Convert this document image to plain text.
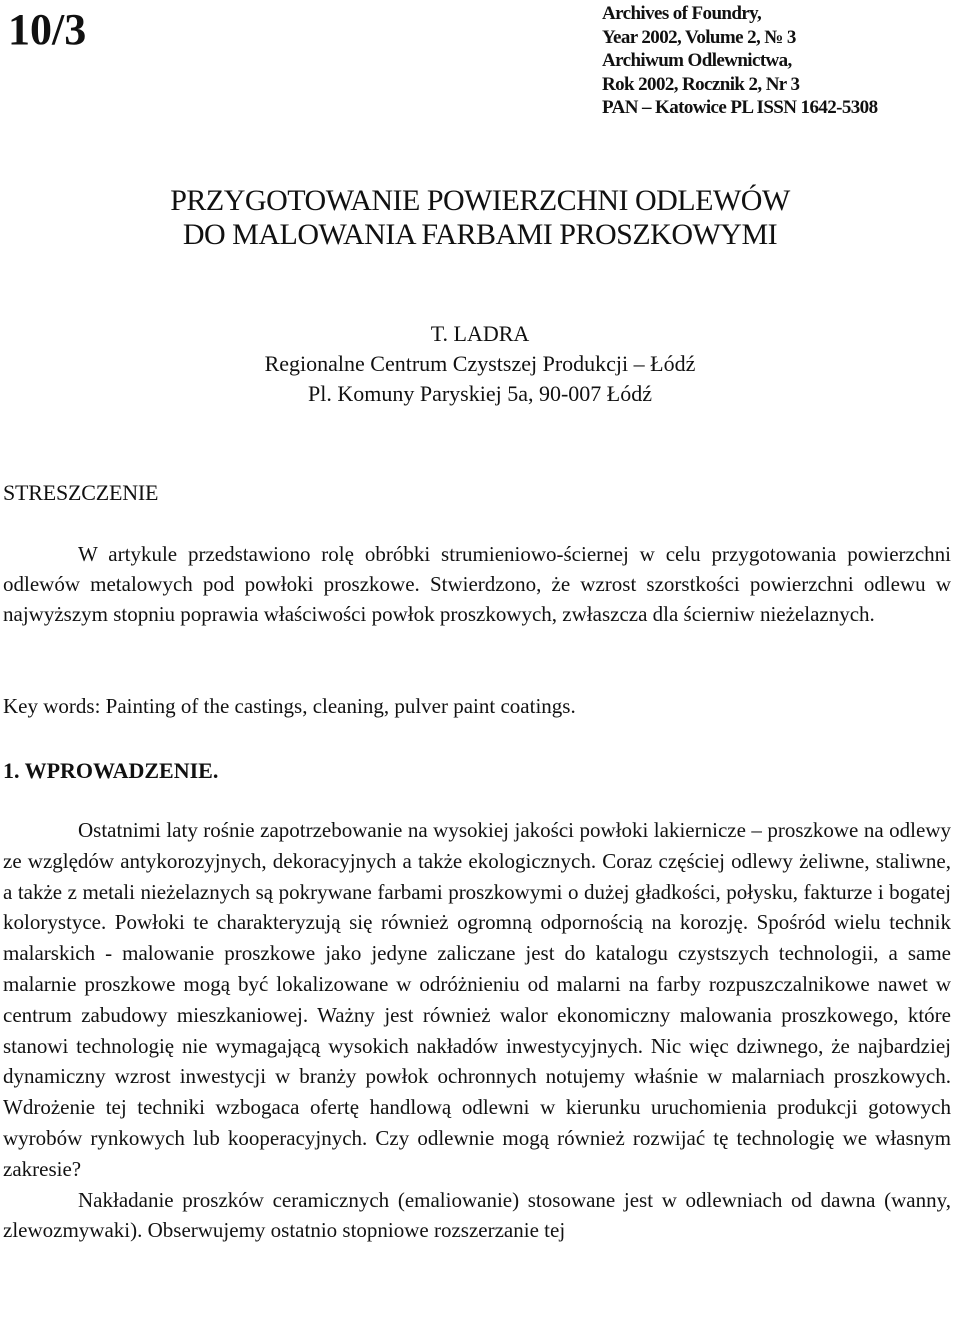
10/3	Archives of Foundry,
Year 2002, Volume 2, № 3
Archiwum Odlewnictwa,
Rok 2002, Rocznik 2, Nr 3
PAN – Katowice PL ISSN 1642-5308
PRZYGOTOWANIE POWIERZCHNI ODLEWÓW
DO MALOWANIA FARBAMI PROSZKOWYMI
T. LADRA
Regionalne Centrum Czystszej Produkcji – Łódź
Pl. Komuny Paryskiej 5a, 90-007 Łódź
STRESZCZENIE

W artykule przedstawiono rolę obróbki strumieniowo-ściernej w celu przygotowania powierzchni odlewów metalowych pod powłoki proszkowe. Stwierdzono, że wzrost szorstkości powierzchni odlewu w najwyższym stopniu poprawia właściwości powłok proszkowych, zwłaszcza dla ścierniw nieżelaznych.

Key words: Painting of the castings, cleaning, pulver paint coatings.
1. WPROWADZENIE.

Ostatnimi laty rośnie zapotrzebowanie na wysokiej jakości powłoki lakiernicze – proszkowe na odlewy ze względów antykorozyjnych, dekoracyjnych a także ekologicznych. Coraz częściej odlewy żeliwne, staliwne, a także z metali nieżelaznych są pokrywane farbami proszkowymi o dużej gładkości, połysku, fakturze i bogatej kolorystyce. Powłoki te charakteryzują się również ogromną odpornością na korozję. Spośród wielu technik malarskich - malowanie proszkowe jako jedyne zaliczane jest do katalogu czystszych technologii, a same malarnie proszkowe mogą być lokalizowane w odróżnieniu od malarni na farby rozpuszczalnikowe nawet w centrum zabudowy mieszkaniowej. Ważny jest również walor ekonomiczny malowania proszkowego, które stanowi technologię nie wymagającą wysokich nakładów inwestycyjnych. Nic więc dziwnego, że najbardziej dynamiczny wzrost inwestycji w branży powłok ochronnych notujemy właśnie w malarniach proszkowych. Wdrożenie tej techniki wzbogaca ofertę handlową odlewni w kierunku uruchomienia produkcji gotowych wyrobów rynkowych lub kooperacyjnych. Czy odlewnie mogą również rozwijać tę technologię we własnym zakresie?

Nakładanie proszków ceramicznych (emaliowanie) stosowane jest w odlewniach od dawna (wanny, zlewozmywaki). Obserwujemy ostatnio stopniowe rozszerzanie tej
